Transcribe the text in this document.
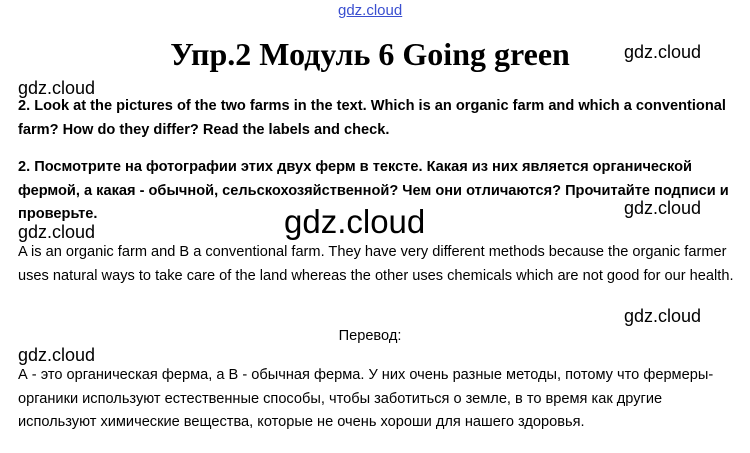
gdz.cloud
Упр.2 Модуль 6 Going green	gdz.cloud
gdz.cloud
2. Look at the pictures of the two farms in the text. Which is an organic farm and which a conventional farm? How do they differ? Read the labels and check.
2. Посмотрите на фотографии этих двух ферм в тексте. Какая из них является органической фермой, а какая - обычной, сельскохозяйственной? Чем они отличаются? Прочитайте подписи и проверьте.	gdz.cloud
gdz.cloud
gdz.cloud
A is an organic farm and B a conventional farm. They have very different methods because the organic farmer uses natural ways to take care of the land whereas the other uses chemicals which are not good for our health.
gdz.cloud
Перевод:
gdz.cloud
А - это органическая ферма, а В - обычная ферма. У них очень разные методы, потому что фермеры-органики используют естественные способы, чтобы заботиться о земле, в то время как другие используют химические вещества, которые не очень хороши для нашего здоровья.
